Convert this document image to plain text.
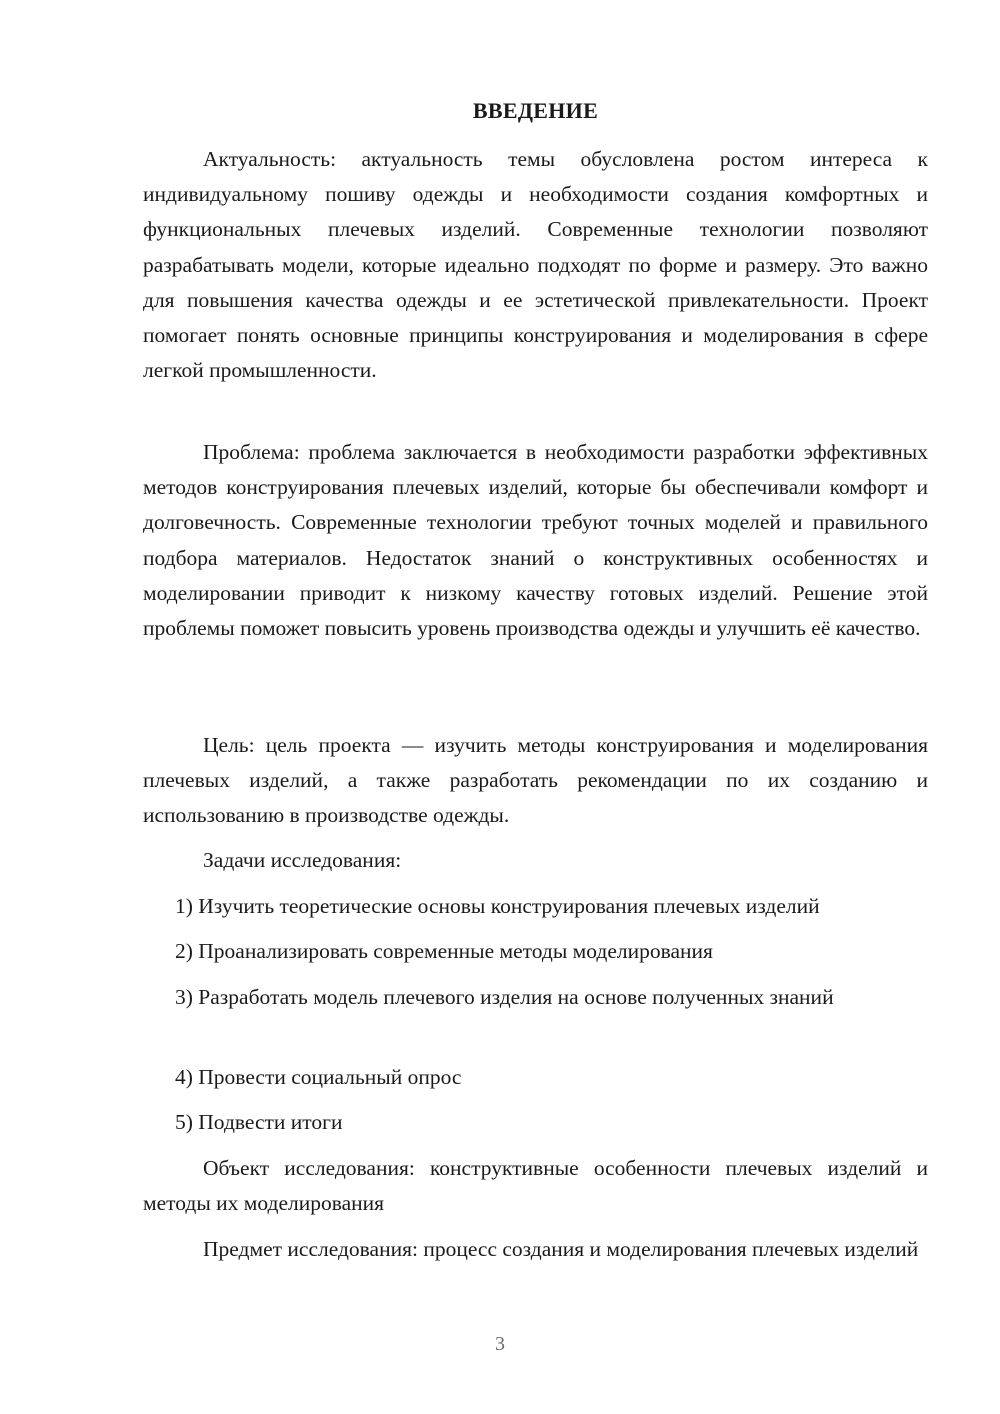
ВВЕДЕНИЕ

Актуальность: актуальность темы обусловлена ростом интереса к индивидуальному пошиву одежды и необходимости создания комфортных и функциональных плечевых изделий. Современные технологии позволяют разрабатывать модели, которые идеально подходят по форме и размеру. Это важно для повышения качества одежды и ее эстетической привлекательности. Проект помогает понять основные принципы конструирования и моделирования в сфере легкой промышленности.

Проблема: проблема заключается в необходимости разработки эффективных методов конструирования плечевых изделий, которые бы обеспечивали комфорт и долговечность. Современные технологии требуют точных моделей и правильного подбора материалов. Недостаток знаний о конструктивных особенностях и моделировании приводит к низкому качеству готовых изделий. Решение этой проблемы поможет повысить уровень производства одежды и улучшить её качество.

Цель: цель проекта — изучить методы конструирования и моделирования плечевых изделий, а также разработать рекомендации по их созданию и использованию в производстве одежды.

Задачи исследования:

1) Изучить теоретические основы конструирования плечевых изделий

2) Проанализировать современные методы моделирования

3) Разработать модель плечевого изделия на основе полученных знаний

4) Провести социальный опрос

5) Подвести итоги

Объект исследования: конструктивные особенности плечевых изделий и методы их моделирования

Предмет исследования: процесс создания и моделирования плечевых изделий

3
